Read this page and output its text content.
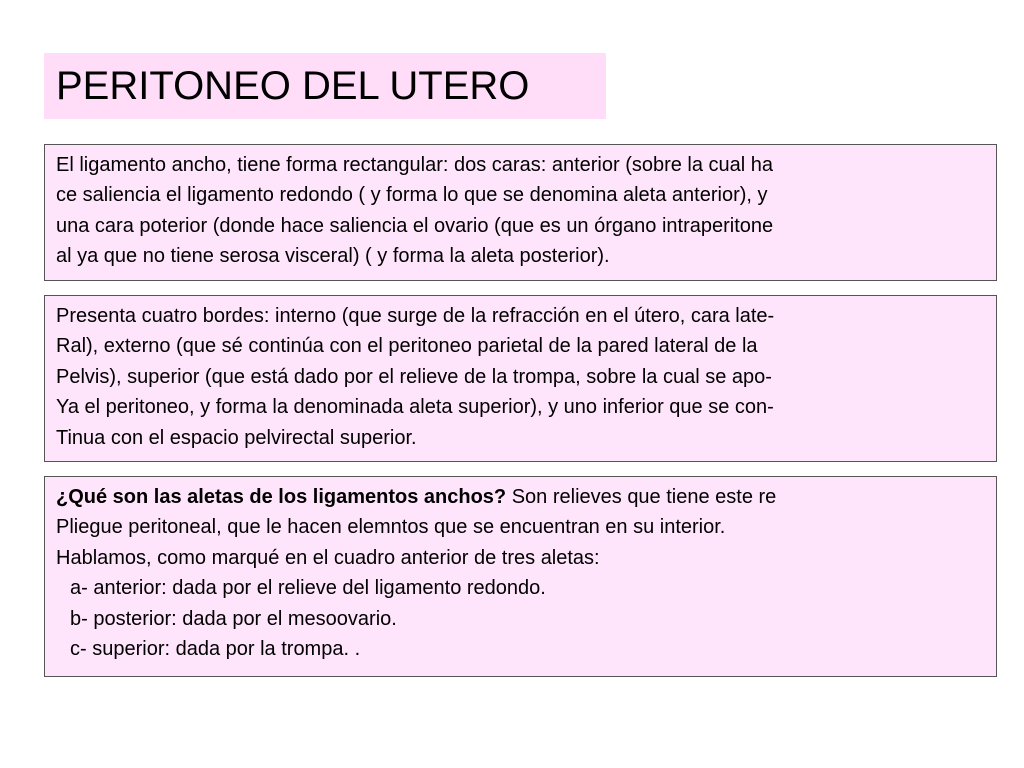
PERITONEO DEL UTERO
El ligamento ancho, tiene forma rectangular: dos caras: anterior (sobre la cual ha
ce saliencia el ligamento redondo ( y forma lo que se denomina aleta anterior), y
una cara poterior (donde hace saliencia el ovario (que es un órgano intraperitone
al ya que no tiene serosa visceral) ( y forma la aleta posterior).
Presenta cuatro bordes: interno (que surge de la refracción en el útero, cara late-
Ral), externo (que sé continúa con el peritoneo parietal de la pared lateral de la
Pelvis), superior (que está dado por el relieve de la trompa, sobre la cual se apo-
Ya el peritoneo, y forma la denominada aleta superior), y uno inferior que se con-
Tinua con el espacio pelvirectal superior.
¿Qué son las aletas de los ligamentos anchos? Son relieves que tiene este re
Pliegue peritoneal, que le hacen elemntos que se encuentran en su interior.
Hablamos, como marqué en el cuadro anterior de tres aletas:
a- anterior: dada por el relieve del ligamento redondo.
b- posterior: dada por el mesoovario.
c- superior: dada por la trompa. .
